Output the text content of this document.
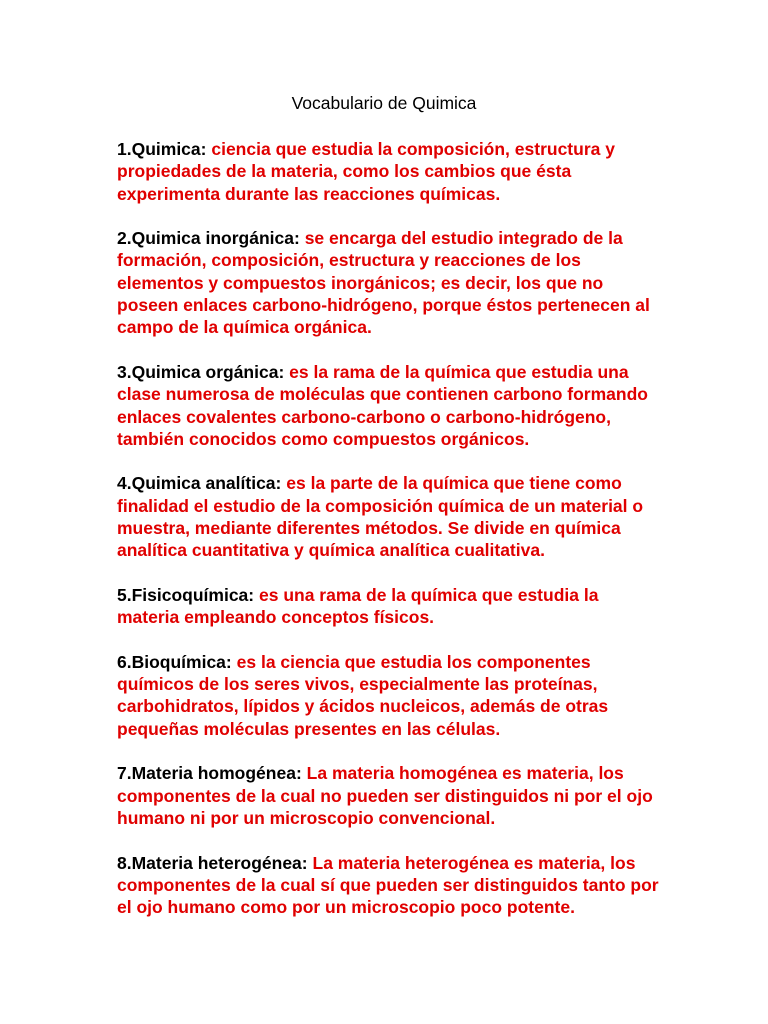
Vocabulario de Quimica

1.Quimica: ciencia que estudia la composición, estructura y propiedades de la materia, como los cambios que ésta experimenta durante las reacciones químicas.

2.Quimica inorgánica: se encarga del estudio integrado de la formación, composición, estructura y reacciones de los elementos y compuestos inorgánicos; es decir, los que no poseen enlaces carbono-hidrógeno, porque éstos pertenecen al campo de la química orgánica.

3.Quimica orgánica: es la rama de la química que estudia una clase numerosa de moléculas que contienen carbono formando enlaces covalentes carbono-carbono o carbono-hidrógeno, también conocidos como compuestos orgánicos.

4.Quimica analítica: es la parte de la química que tiene como finalidad el estudio de la composición química de un material o muestra, mediante diferentes métodos. Se divide en química analítica cuantitativa y química analítica cualitativa.

5.Fisicoquímica: es una rama de la química que estudia la materia empleando conceptos físicos.

6.Bioquímica: es la ciencia que estudia los componentes químicos de los seres vivos, especialmente las proteínas, carbohidratos, lípidos y ácidos nucleicos, además de otras pequeñas moléculas presentes en las células.

7.Materia homogénea: La materia homogénea es materia, los componentes de la cual no pueden ser distinguidos ni por el ojo humano ni por un microscopio convencional.

8.Materia heterogénea: La materia heterogénea es materia, los componentes de la cual sí que pueden ser distinguidos tanto por el ojo humano como por un microscopio poco potente.
